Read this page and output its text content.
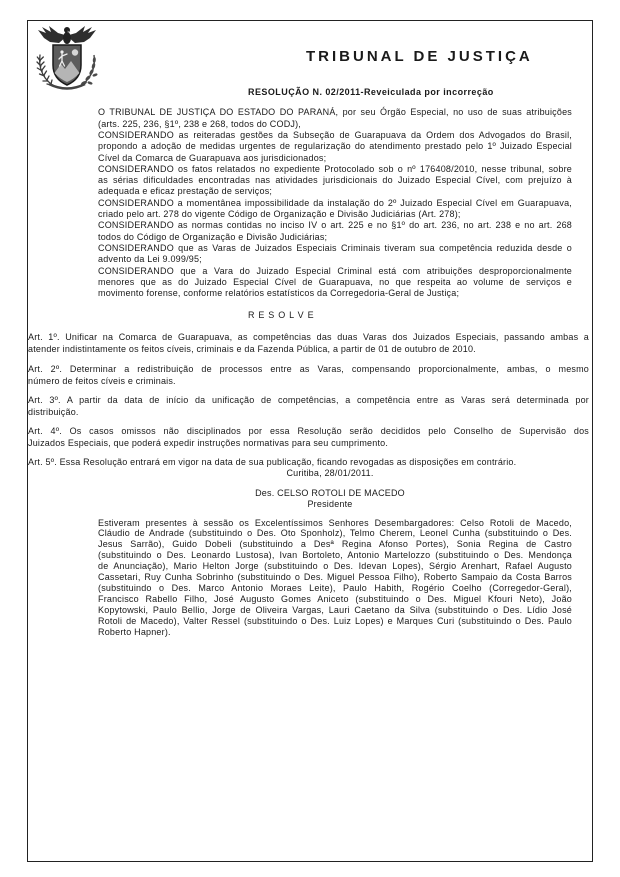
TRIBUNAL DE JUSTIÇA
RESOLUÇÃO N. 02/2011-Reveiculada por incorreção
O TRIBUNAL DE JUSTIÇA DO ESTADO DO PARANÁ, por seu Órgão Especial, no uso de suas atribuições
(arts. 225, 236, §1º, 238 e 268, todos do CODJ),
CONSIDERANDO as reiteradas gestões da Subseção de Guarapuava da Ordem dos Advogados do Brasil,
propondo a adoção de medidas urgentes de regularização do atendimento prestado pelo 1º Juizado Especial
Cível da Comarca de Guarapuava aos jurisdicionados;
CONSIDERANDO os fatos relatados no expediente Protocolado sob o nº 176408/2010, nesse tribunal, sobre
as sérias dificuldades encontradas nas atividades jurisdicionais do Juizado Especial Cível, com prejuízo à
adequada e eficaz prestação de serviços;
CONSIDERANDO a momentânea impossibilidade da instalação do 2º Juizado Especial Cível em Guarapuava,
criado pelo art. 278 do vigente Código de Organização e Divisão Judiciárias (Art. 278);
CONSIDERANDO as normas contidas no inciso IV o art. 225 e no §1º do art. 236, no art. 238 e no art. 268
todos do Código de Organização e Divisão Judiciárias;
CONSIDERANDO que as Varas de Juizados Especiais Criminais tiveram sua competência reduzida desde o
advento da Lei 9.099/95;
CONSIDERANDO que a Vara do Juizado Especial Criminal está com atribuições desproporcionalmente
menores que as do Juizado Especial Cível de Guarapuava, no que respeita ao volume de serviços e
movimento forense, conforme relatórios estatísticos da Corregedoria-Geral de Justiça;
R E S O L V E
Art. 1º. Unificar na Comarca de Guarapuava, as competências das duas Varas dos Juizados Especiais, passando ambas a
atender indistintamente os feitos cíveis, criminais e da Fazenda Pública, a partir de 01 de outubro de 2010.
Art. 2º. Determinar a redistribuição de processos entre as Varas, compensando proporcionalmente, ambas, o mesmo
número de feitos cíveis e criminais.
Art. 3º. A partir da data de início da unificação de competências, a competência entre as Varas será determinada por
distribuição.
Art. 4º. Os casos omissos não disciplinados por essa Resolução serão decididos pelo Conselho de Supervisão dos
Juizados Especiais, que poderá expedir instruções normativas para seu cumprimento.
Art. 5º. Essa Resolução entrará em vigor na data de sua publicação, ficando revogadas as disposições em contrário.
Curitiba, 28/01/2011.
Des. CELSO ROTOLI DE MACEDO
Presidente
Estiveram presentes à sessão os Excelentíssimos Senhores Desembargadores: Celso Rotoli de Macedo,
Cláudio de Andrade (substituindo o Des. Oto Sponholz), Telmo Cherem, Leonel Cunha (substituindo o Des.
Jesus Sarrão), Guido Dobeli (substituindo a Desª Regina Afonso Portes), Sonia Regina de Castro
(substituindo o Des. Leonardo Lustosa), Ivan Bortoleto, Antonio Martelozzo (substituindo o Des. Mendonça
de Anunciação), Mario Helton Jorge (substituindo o Des. Idevan Lopes), Sérgio Arenhart, Rafael Augusto
Cassetari, Ruy Cunha Sobrinho (substituindo o Des. Miguel Pessoa Filho), Roberto Sampaio da Costa Barros
(substituindo o Des. Marco Antonio Moraes Leite), Paulo Habith, Rogério Coelho (Corregedor-Geral),
Francisco Rabello Filho, José Augusto Gomes Aniceto (substituindo o Des. Miguel Kfouri Neto), João
Kopytowski, Paulo Bellio, Jorge de Oliveira Vargas, Lauri Caetano da Silva (substituindo o Des. Lídio José
Rotoli de Macedo), Valter Ressel (substituindo o Des. Luiz Lopes) e Marques Curi (substituindo o Des. Paulo
Roberto Hapner).
